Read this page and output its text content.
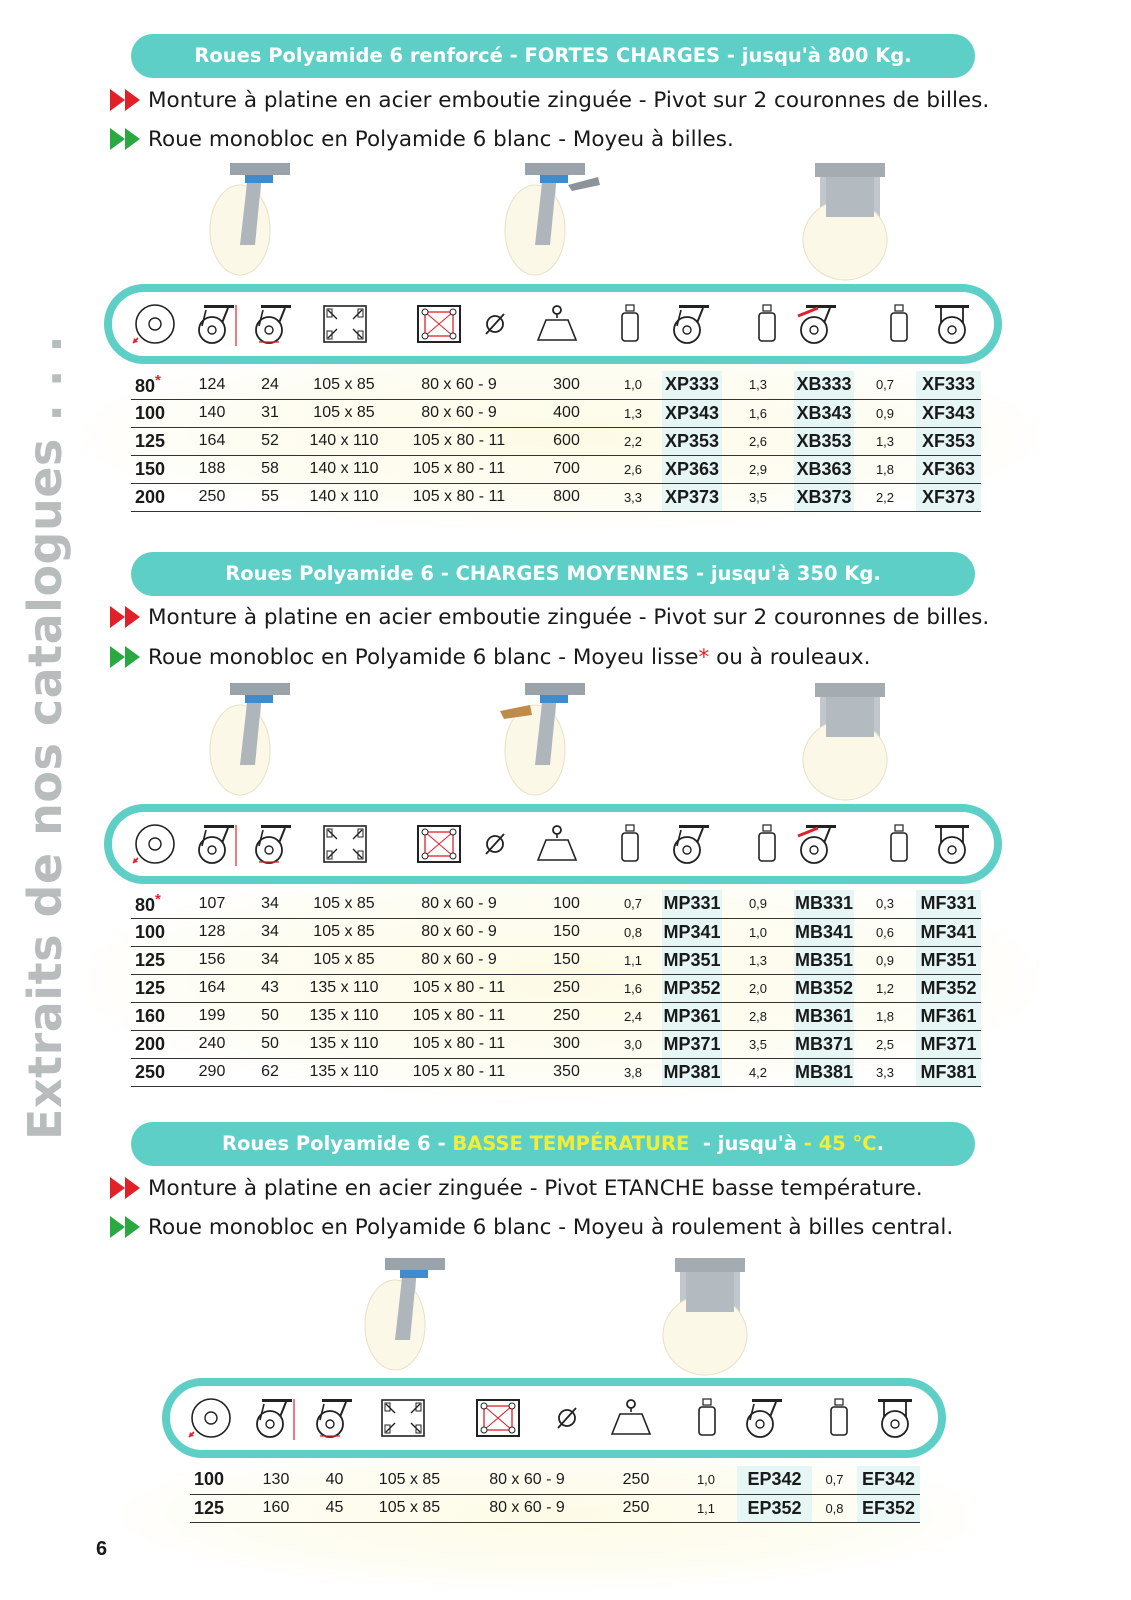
Extraits de nos catalogues . . .
6
Roues Polyamide 6 renforcé - FORTES CHARGES - jusqu'à 800 Kg.
Monture à platine en acier emboutie zinguée - Pivot sur 2 couronnes de billes.
Roue monobloc en Polyamide 6 blanc - Moyeu à billes.
80*	124	24	105 x 85	80 x 60 - 9	300	1,0	XP333	1,3	XB333	0,7	XF333
100	140	31	105 x 85	80 x 60 - 9	400	1,3	XP343	1,6	XB343	0,9	XF343
125	164	52	140 x 110	105 x 80 - 11	600	2,2	XP353	2,6	XB353	1,3	XF353
150	188	58	140 x 110	105 x 80 - 11	700	2,6	XP363	2,9	XB363	1,8	XF363
200	250	55	140 x 110	105 x 80 - 11	800	3,3	XP373	3,5	XB373	2,2	XF373
Roues Polyamide 6 - CHARGES MOYENNES - jusqu'à 350 Kg.
Monture à platine en acier emboutie zinguée - Pivot sur 2 couronnes de billes.
Roue monobloc en Polyamide 6 blanc - Moyeu lisse * ou à rouleaux.
80*	107	34	105 x 85	80 x 60 - 9	100	0,7	MP331	0,9	MB331	0,3	MF331
100	128	34	105 x 85	80 x 60 - 9	150	0,8	MP341	1,0	MB341	0,6	MF341
125	156	34	105 x 85	80 x 60 - 9	150	1,1	MP351	1,3	MB351	0,9	MF351
125	164	43	135 x 110	105 x 80 - 11	250	1,6	MP352	2,0	MB352	1,2	MF352
160	199	50	135 x 110	105 x 80 - 11	250	2,4	MP361	2,8	MB361	1,8	MF361
200	240	50	135 x 110	105 x 80 - 11	300	3,0	MP371	3,5	MB371	2,5	MF371
250	290	62	135 x 110	105 x 80 - 11	350	3,8	MP381	4,2	MB381	3,3	MF381
Roues Polyamide 6 - BASSE TEMPÉRATURE  - jusqu'à - 45 °C.
Monture à platine en acier zinguée - Pivot ETANCHE basse température.
Roue monobloc en Polyamide 6 blanc - Moyeu à roulement à billes central.
100	130	40	105 x 85	80 x 60 - 9	250	1,0	EP342	0,7	EF342
125	160	45	105 x 85	80 x 60 - 9	250	1,1	EP352	0,8	EF352
